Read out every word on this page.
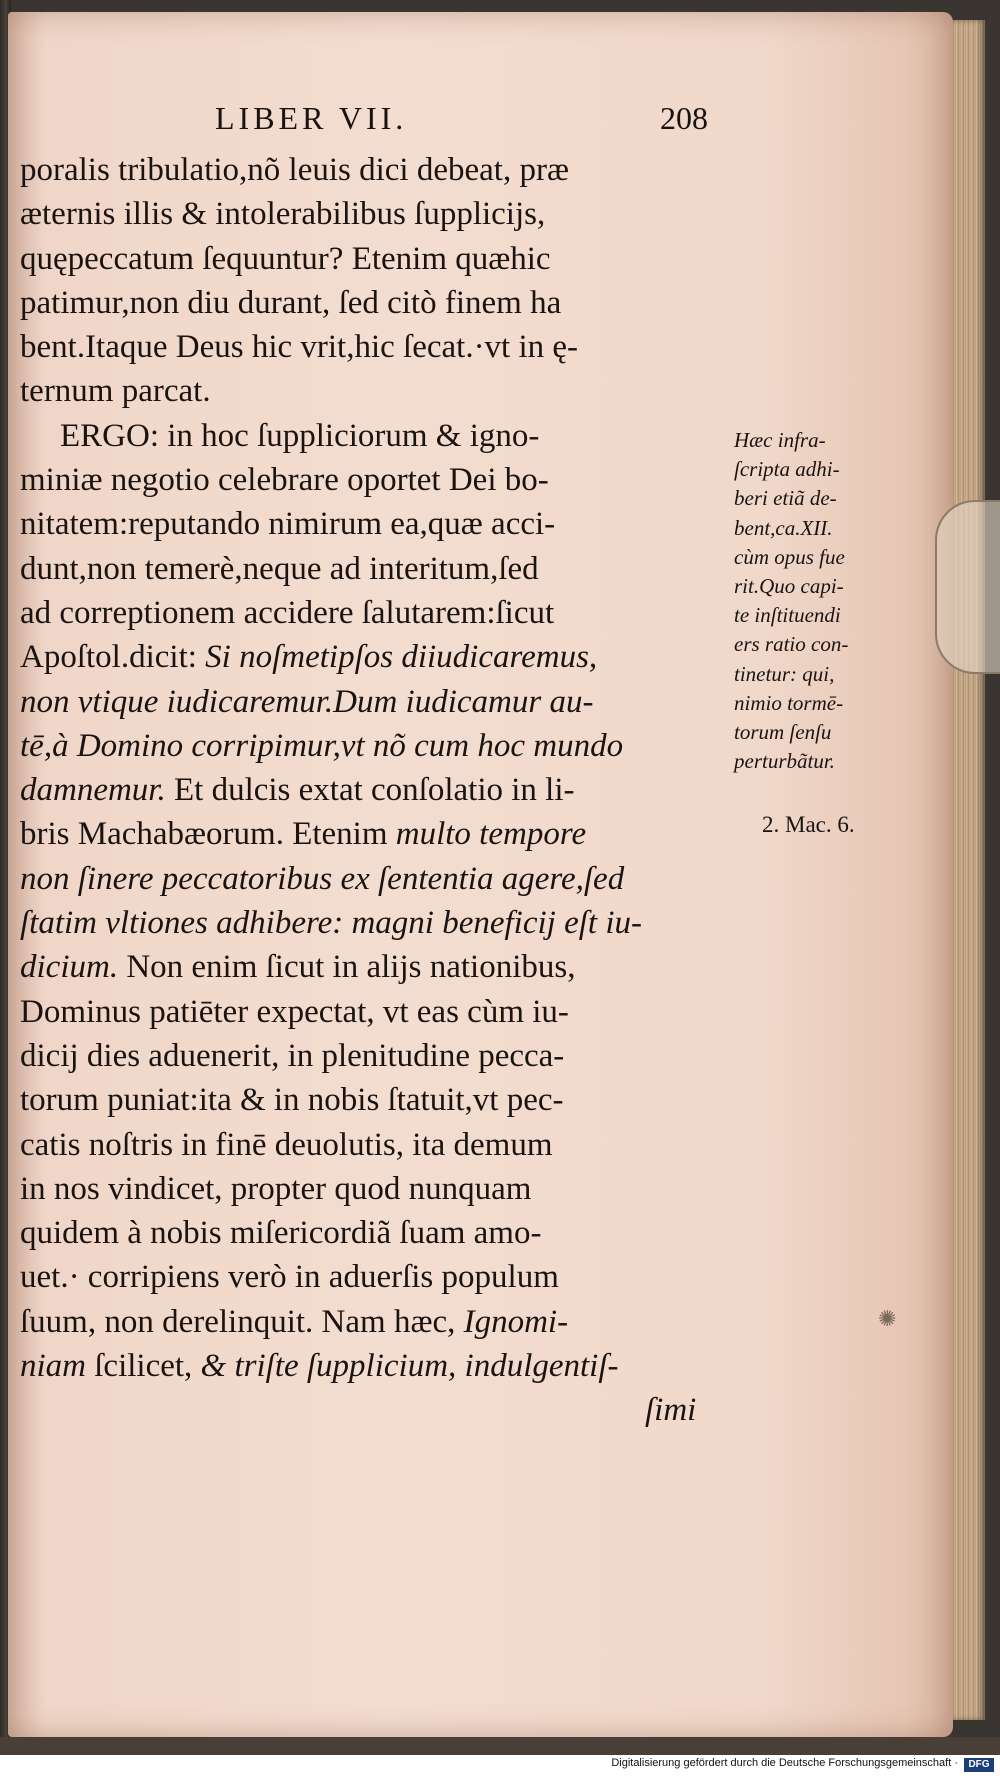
LIBER VII.	208
poralis tribulatio,nõ leuis dici debeat, præ
æternis illis & intolerabilibus ſupplicijs,
quępeccatum ſequuntur? Etenim quæhic
patimur,non diu durant, ſed citò finem ha
bent.Itaque Deus hic vrit,hic ſecat.·vt in ę-
ternum parcat.
ERGO: in hoc ſuppliciorum & igno-
miniæ negotio celebrare oportet Dei bo-
nitatem:reputando nimirum ea,quæ acci-
dunt,non temerè,neque ad interitum,ſed
ad correptionem accidere ſalutarem:ſicut
Apoſtol.dicit: Si noſmetipſos diiudicaremus,
non vtique iudicaremur.Dum iudicamur au-
tē,à Domino corripimur,vt nõ cum hoc mundo
damnemur. Et dulcis extat conſolatio in li-
bris Machabæorum. Etenim multo tempore
non ſinere peccatoribus ex ſententia agere,ſed
ſtatim vltiones adhibere: magni beneficij eſt iu-
dicium. Non enim ſicut in alijs nationibus,
Dominus patiēter expectat, vt eas cùm iu-
dicij dies aduenerit, in plenitudine pecca-
torum puniat:ita & in nobis ſtatuit,vt pec-
catis noſtris in finē deuolutis, ita demum
in nos vindicet, propter quod nunquam
quidem à nobis miſericordiã ſuam amo-
uet.· corripiens verò in aduerſis populum
ſuum, non derelinquit. Nam hæc, Ignomi-
niam ſcilicet, & triſte ſupplicium, indulgentiſ-
ſimi
Hæc infra-
ſcripta adhi-
beri etiã de-
bent,ca.XII.
cùm opus fue
rit.Quo capi-
te inſtituendi
ers ratio con-
tinetur: qui,
nimio tormē-
torum ſenſu
perturbãtur.
2. Mac. 6.
✺
Digitalisierung gefördert durch die Deutsche Forschungsgemeinschaft ·	DFG
